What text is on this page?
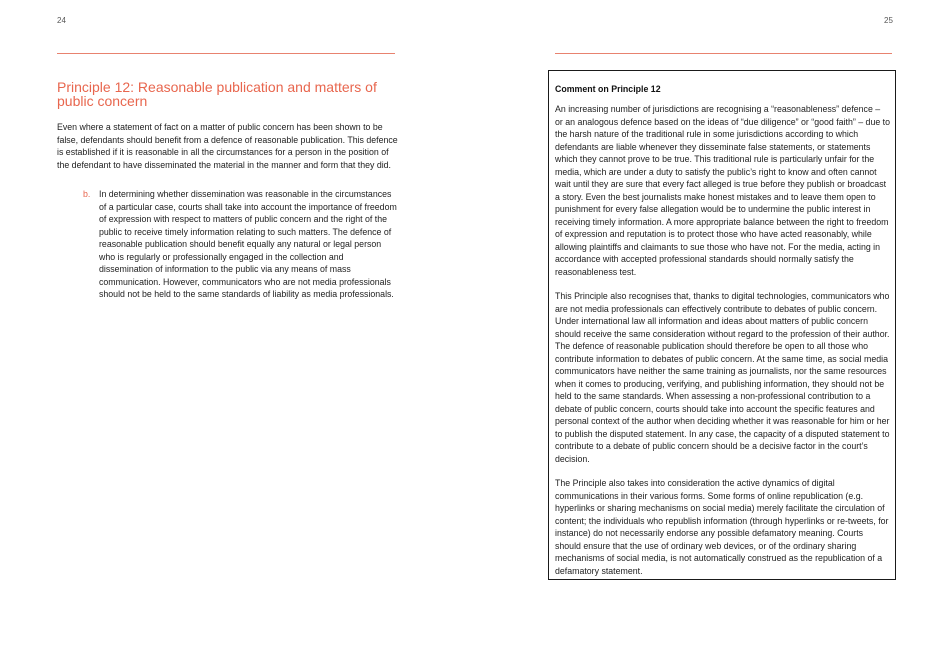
24
Principle 12: Reasonable publication and matters of public concern

Even where a statement of fact on a matter of public concern has been shown to be false, defendants should benefit from a defence of reasonable publication. This defence is established if it is reasonable in all the circumstances for a person in the position of the defendant to have disseminated the material in the manner and form that they did.

b. In determining whether dissemination was reasonable in the circumstances of a particular case, courts shall take into account the importance of freedom of expression with respect to matters of public concern and the right of the public to receive timely information relating to such matters. The defence of reasonable publication should benefit equally any natural or legal person who is regularly or professionally engaged in the collection and dissemination of information to the public via any means of mass communication. However, communicators who are not media professionals should not be held to the same standards of liability as media professionals.

25

Comment on Principle 12

An increasing number of jurisdictions are recognising a “reasonableness” defence – or an analogous defence based on the ideas of “due diligence” or “good faith” – due to the harsh nature of the traditional rule in some jurisdictions according to which defendants are liable whenever they disseminate false statements, or statements which they cannot prove to be true. This traditional rule is particularly unfair for the media, which are under a duty to satisfy the public’s right to know and often cannot wait until they are sure that every fact alleged is true before they publish or broadcast a story. Even the best journalists make honest mistakes and to leave them open to punishment for every false allegation would be to undermine the public interest in receiving timely information. A more appropriate balance between the right to freedom of expression and reputation is to protect those who have acted reasonably, while allowing plaintiffs and claimants to sue those who have not. For the media, acting in accordance with accepted professional standards should normally satisfy the reasonableness test.

This Principle also recognises that, thanks to digital technologies, communicators who are not media professionals can effectively contribute to debates of public concern. Under international law all information and ideas about matters of public concern should receive the same consideration without regard to the profession of their author. The defence of reasonable publication should therefore be open to all those who contribute information to debates of public concern. At the same time, as social media communicators have neither the same training as journalists, nor the same resources when it comes to producing, verifying, and publishing information, they should not be held to the same standards. When assessing a non-professional contribution to a debate of public concern, courts should take into account the specific features and personal context of the author when deciding whether it was reasonable for him or her to publish the disputed statement. In any case, the capacity of a disputed statement to contribute to a debate of public concern should be a decisive factor in the court’s decision.

The Principle also takes into consideration the active dynamics of digital communications in their various forms. Some forms of online republication (e.g. hyperlinks or sharing mechanisms on social media) merely facilitate the circulation of content; the individuals who republish information (through hyperlinks or re-tweets, for instance) do not necessarily endorse any possible defamatory meaning. Courts should ensure that the use of ordinary web devices, or of the ordinary sharing mechanisms of social media, is not automatically construed as the republication of a defamatory statement.
